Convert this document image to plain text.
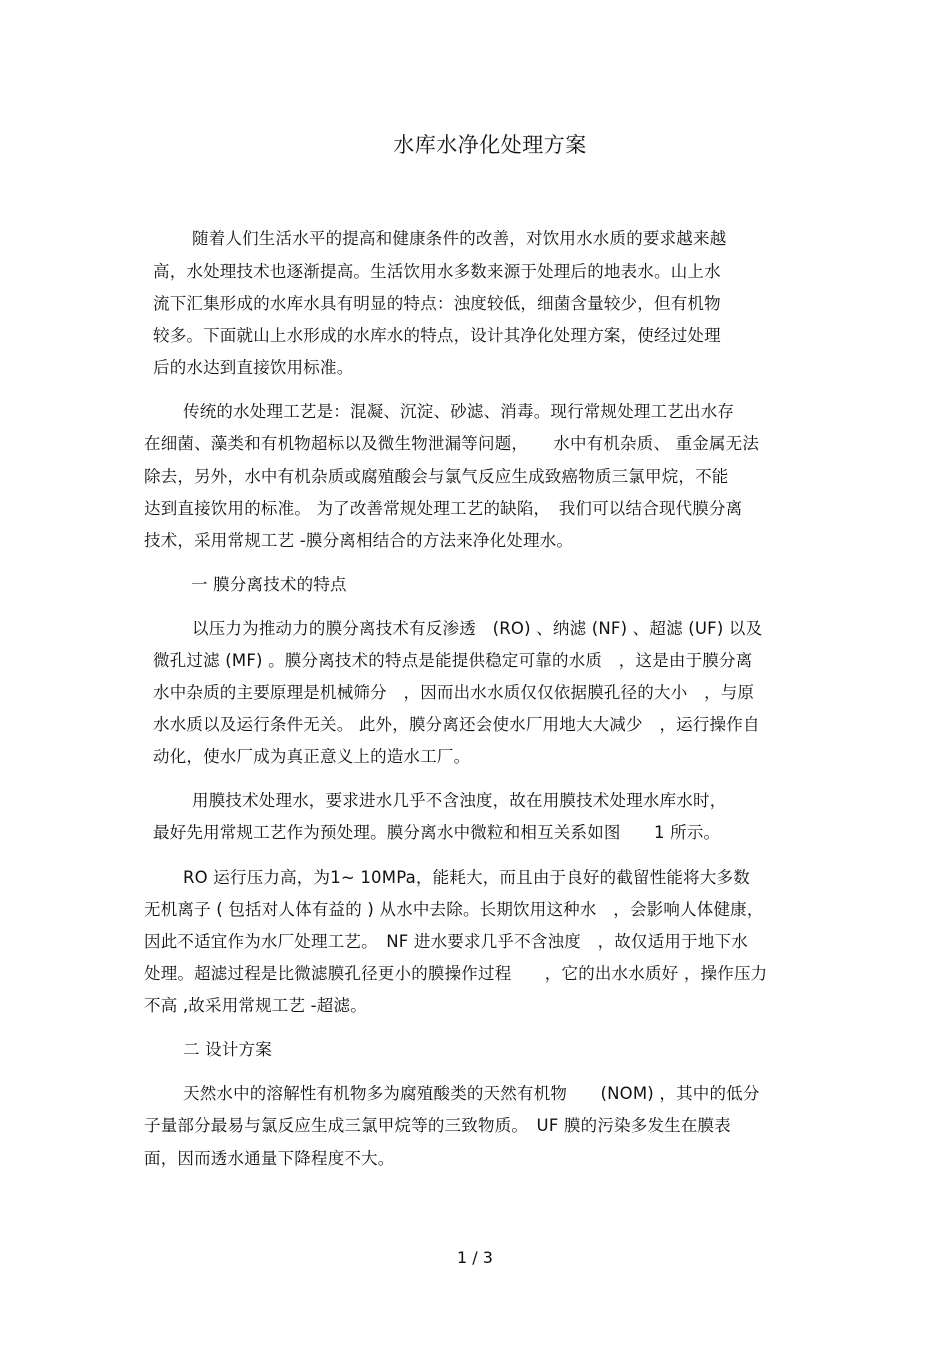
水库水净化处理方案
随着人们生活水平的提高和健康条件的改善，对饮用水水质的要求越来越
高，水处理技术也逐渐提高。生活饮用水多数来源于处理后的地表水。山上水
流下汇集形成的水库水具有明显的特点：浊度较低，细菌含量较少，但有机物
较多。下面就山上水形成的水库水的特点，设计其净化处理方案，使经过处理
后的水达到直接饮用标准。
传统的水处理工艺是：混凝、沉淀、砂滤、消毒。现行常规处理工艺出水存
在细菌、藻类和有机物超标以及微生物泄漏等问题，　　水中有机杂质、 重金属无法
除去，另外，水中有机杂质或腐殖酸会与氯气反应生成致癌物质三氯甲烷，不能
达到直接饮用的标准。 为了改善常规处理工艺的缺陷，　我们可以结合现代膜分离
技术，采用常规工艺 -膜分离相结合的方法来净化处理水。
一 膜分离技术的特点
以压力为推动力的膜分离技术有反渗透　(RO) 、纳滤 (NF) 、超滤 (UF) 以及
微孔过滤 (MF) 。膜分离技术的特点是能提供稳定可靠的水质　，这是由于膜分离
水中杂质的主要原理是机械筛分　，因而出水水质仅仅依据膜孔径的大小　，与原
水水质以及运行条件无关。 此外，膜分离还会使水厂用地大大减少　，运行操作自
动化，使水厂成为真正意义上的造水工厂。
用膜技术处理水，要求进水几乎不含浊度，故在用膜技术处理水库水时，
最好先用常规工艺作为预处理。膜分离水中微粒和相互关系如图　　1 所示。
RO 运行压力高，为1~ 10MPa，能耗大，而且由于良好的截留性能将大多数
无机离子 ( 包括对人体有益的 ) 从水中去除。长期饮用这种水　，会影响人体健康，
因此不适宜作为水厂处理工艺。　NF 进水要求几乎不含浊度　，故仅适用于地下水
处理。超滤过程是比微滤膜孔径更小的膜操作过程　　，它的出水水质好 ，操作压力
不高 ,故采用常规工艺 -超滤。
二 设计方案
天然水中的溶解性有机物多为腐殖酸类的天然有机物　　(NOM) ，其中的低分
子量部分最易与氯反应生成三氯甲烷等的三致物质。　UF 膜的污染多发生在膜表
面，因而透水通量下降程度不大。
1 / 3
